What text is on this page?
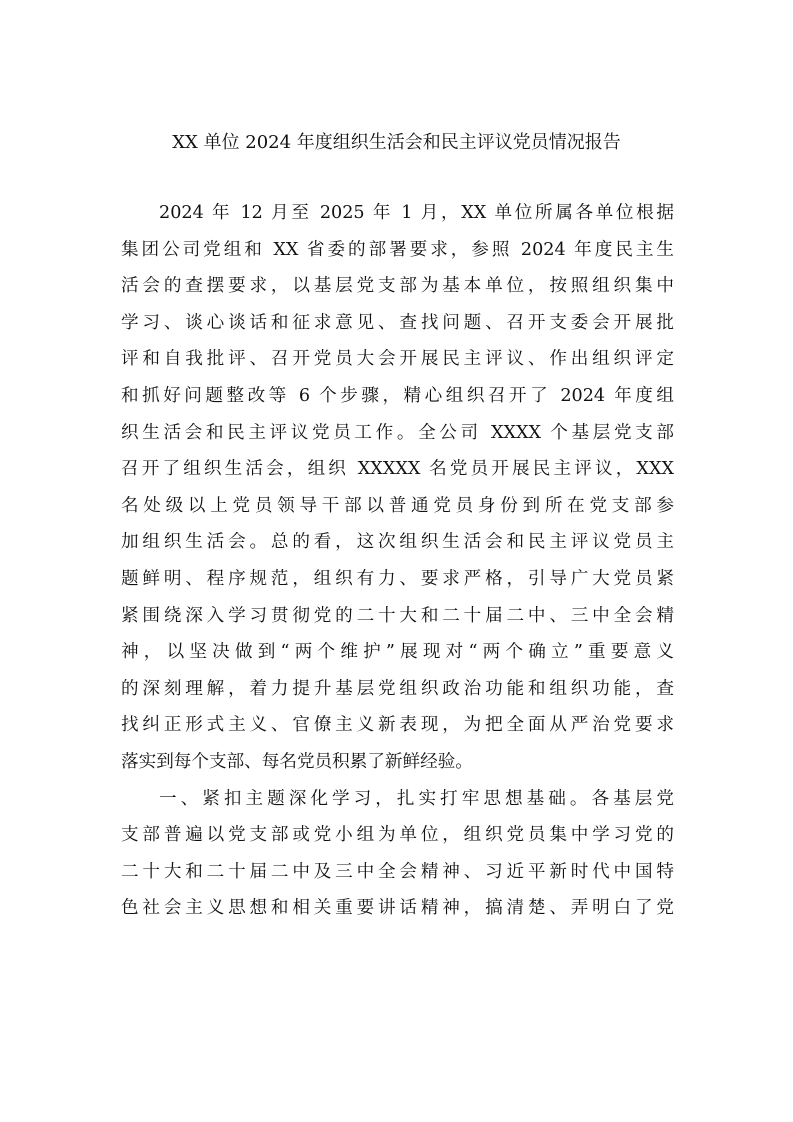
XX 单位 2024 年度组织生活会和民主评议党员情况报告
2024 年 12 月至 2025 年 1 月，XX 单位所属各单位根据
集团公司党组和 XX 省委的部署要求，参照 2024 年度民主生
活会的查摆要求，以基层党支部为基本单位，按照组织集中
学习、谈心谈话和征求意见、查找问题、召开支委会开展批
评和自我批评、召开党员大会开展民主评议、作出组织评定
和抓好问题整改等 6 个步骤，精心组织召开了 2024 年度组
织生活会和民主评议党员工作。全公司 XXXX 个基层党支部
召开了组织生活会，组织 XXXXX 名党员开展民主评议，XXX
名处级以上党员领导干部以普通党员身份到所在党支部参
加组织生活会。总的看，这次组织生活会和民主评议党员主
题鲜明、程序规范，组织有力、要求严格，引导广大党员紧
紧围绕深入学习贯彻党的二十大和二十届二中、三中全会精
神，以坚决做到“两个维护”展现对“两个确立”重要意义
的深刻理解，着力提升基层党组织政治功能和组织功能，查
找纠正形式主义、官僚主义新表现，为把全面从严治党要求
落实到每个支部、每名党员积累了新鲜经验。
一、紧扣主题深化学习，扎实打牢思想基础。各基层党
支部普遍以党支部或党小组为单位，组织党员集中学习党的
二十大和二十届二中及三中全会精神、习近平新时代中国特
色社会主义思想和相关重要讲话精神，搞清楚、弄明白了党
